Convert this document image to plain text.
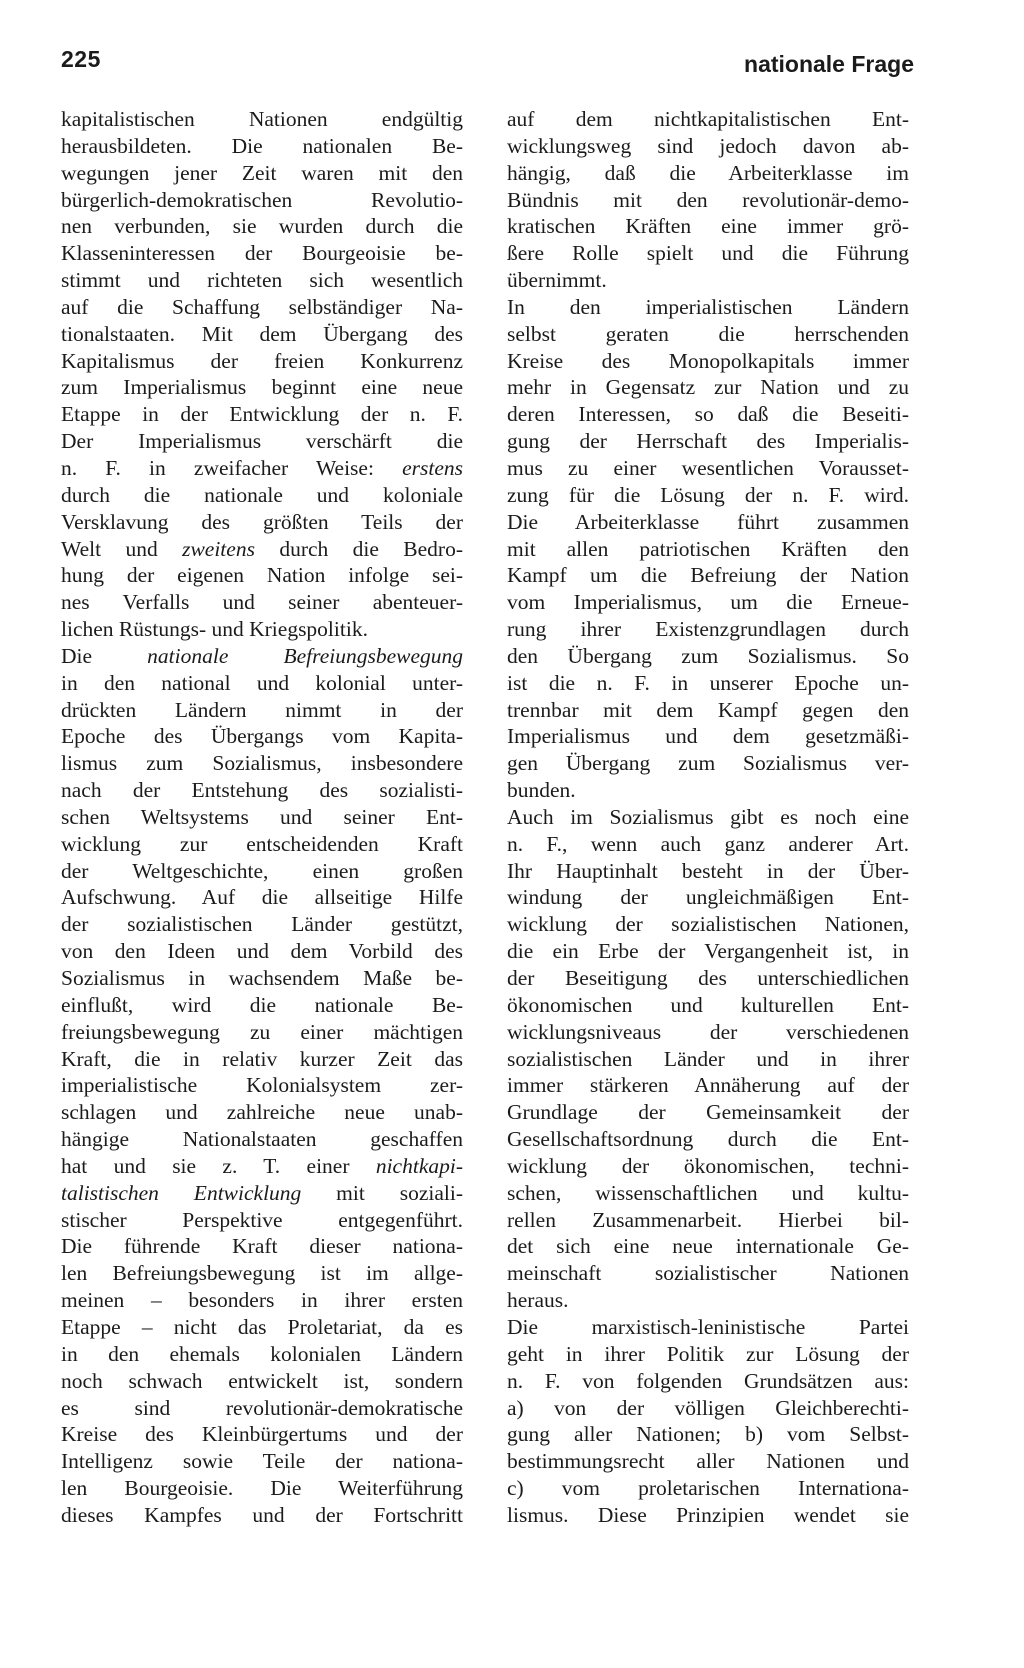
225	nationale Frage
kapitalistischen Nationen endgültig
herausbildeten. Die nationalen Be-
wegungen jener Zeit waren mit den
bürgerlich-demokratischen Revolutio-
nen verbunden, sie wurden durch die
Klasseninteressen der Bourgeoisie be-
stimmt und richteten sich wesentlich
auf die Schaffung selbständiger Na-
tionalstaaten. Mit dem Übergang des
Kapitalismus der freien Konkurrenz
zum Imperialismus beginnt eine neue
Etappe in der Entwicklung der n. F.
Der Imperialismus verschärft die
n. F. in zweifacher Weise: erstens
durch die nationale und koloniale
Versklavung des größten Teils der
Welt und zweitens durch die Bedro-
hung der eigenen Nation infolge sei-
nes Verfalls und seiner abenteuer-
lichen Rüstungs- und Kriegspolitik.
Die nationale Befreiungsbewegung
in den national und kolonial unter-
drückten Ländern nimmt in der
Epoche des Übergangs vom Kapita-
lismus zum Sozialismus, insbesondere
nach der Entstehung des sozialisti-
schen Weltsystems und seiner Ent-
wicklung zur entscheidenden Kraft
der Weltgeschichte, einen großen
Aufschwung. Auf die allseitige Hilfe
der sozialistischen Länder gestützt,
von den Ideen und dem Vorbild des
Sozialismus in wachsendem Maße be-
einflußt, wird die nationale Be-
freiungsbewegung zu einer mächtigen
Kraft, die in relativ kurzer Zeit das
imperialistische Kolonialsystem zer-
schlagen und zahlreiche neue unab-
hängige Nationalstaaten geschaffen
hat und sie z. T. einer nichtkapi-
talistischen Entwicklung mit soziali-
stischer Perspektive entgegenführt.
Die führende Kraft dieser nationa-
len Befreiungsbewegung ist im allge-
meinen – besonders in ihrer ersten
Etappe – nicht das Proletariat, da es
in den ehemals kolonialen Ländern
noch schwach entwickelt ist, sondern
es sind revolutionär-demokratische
Kreise des Kleinbürgertums und der
Intelligenz sowie Teile der nationa-
len Bourgeoisie. Die Weiterführung
dieses Kampfes und der Fortschritt
auf dem nichtkapitalistischen Ent-
wicklungsweg sind jedoch davon ab-
hängig, daß die Arbeiterklasse im
Bündnis mit den revolutionär-demo-
kratischen Kräften eine immer grö-
ßere Rolle spielt und die Führung
übernimmt.
In den imperialistischen Ländern
selbst geraten die herrschenden
Kreise des Monopolkapitals immer
mehr in Gegensatz zur Nation und zu
deren Interessen, so daß die Beseiti-
gung der Herrschaft des Imperialis-
mus zu einer wesentlichen Vorausset-
zung für die Lösung der n. F. wird.
Die Arbeiterklasse führt zusammen
mit allen patriotischen Kräften den
Kampf um die Befreiung der Nation
vom Imperialismus, um die Erneue-
rung ihrer Existenzgrundlagen durch
den Übergang zum Sozialismus. So
ist die n. F. in unserer Epoche un-
trennbar mit dem Kampf gegen den
Imperialismus und dem gesetzmäßi-
gen Übergang zum Sozialismus ver-
bunden.
Auch im Sozialismus gibt es noch eine
n. F., wenn auch ganz anderer Art.
Ihr Hauptinhalt besteht in der Über-
windung der ungleichmäßigen Ent-
wicklung der sozialistischen Nationen,
die ein Erbe der Vergangenheit ist, in
der Beseitigung des unterschiedlichen
ökonomischen und kulturellen Ent-
wicklungsniveaus der verschiedenen
sozialistischen Länder und in ihrer
immer stärkeren Annäherung auf der
Grundlage der Gemeinsamkeit der
Gesellschaftsordnung durch die Ent-
wicklung der ökonomischen, techni-
schen, wissenschaftlichen und kultu-
rellen Zusammenarbeit. Hierbei bil-
det sich eine neue internationale Ge-
meinschaft sozialistischer Nationen
heraus.
Die marxistisch-leninistische Partei
geht in ihrer Politik zur Lösung der
n. F. von folgenden Grundsätzen aus:
a) von der völligen Gleichberechti-
gung aller Nationen; b) vom Selbst-
bestimmungsrecht aller Nationen und
c) vom proletarischen Internationa-
lismus. Diese Prinzipien wendet sie
